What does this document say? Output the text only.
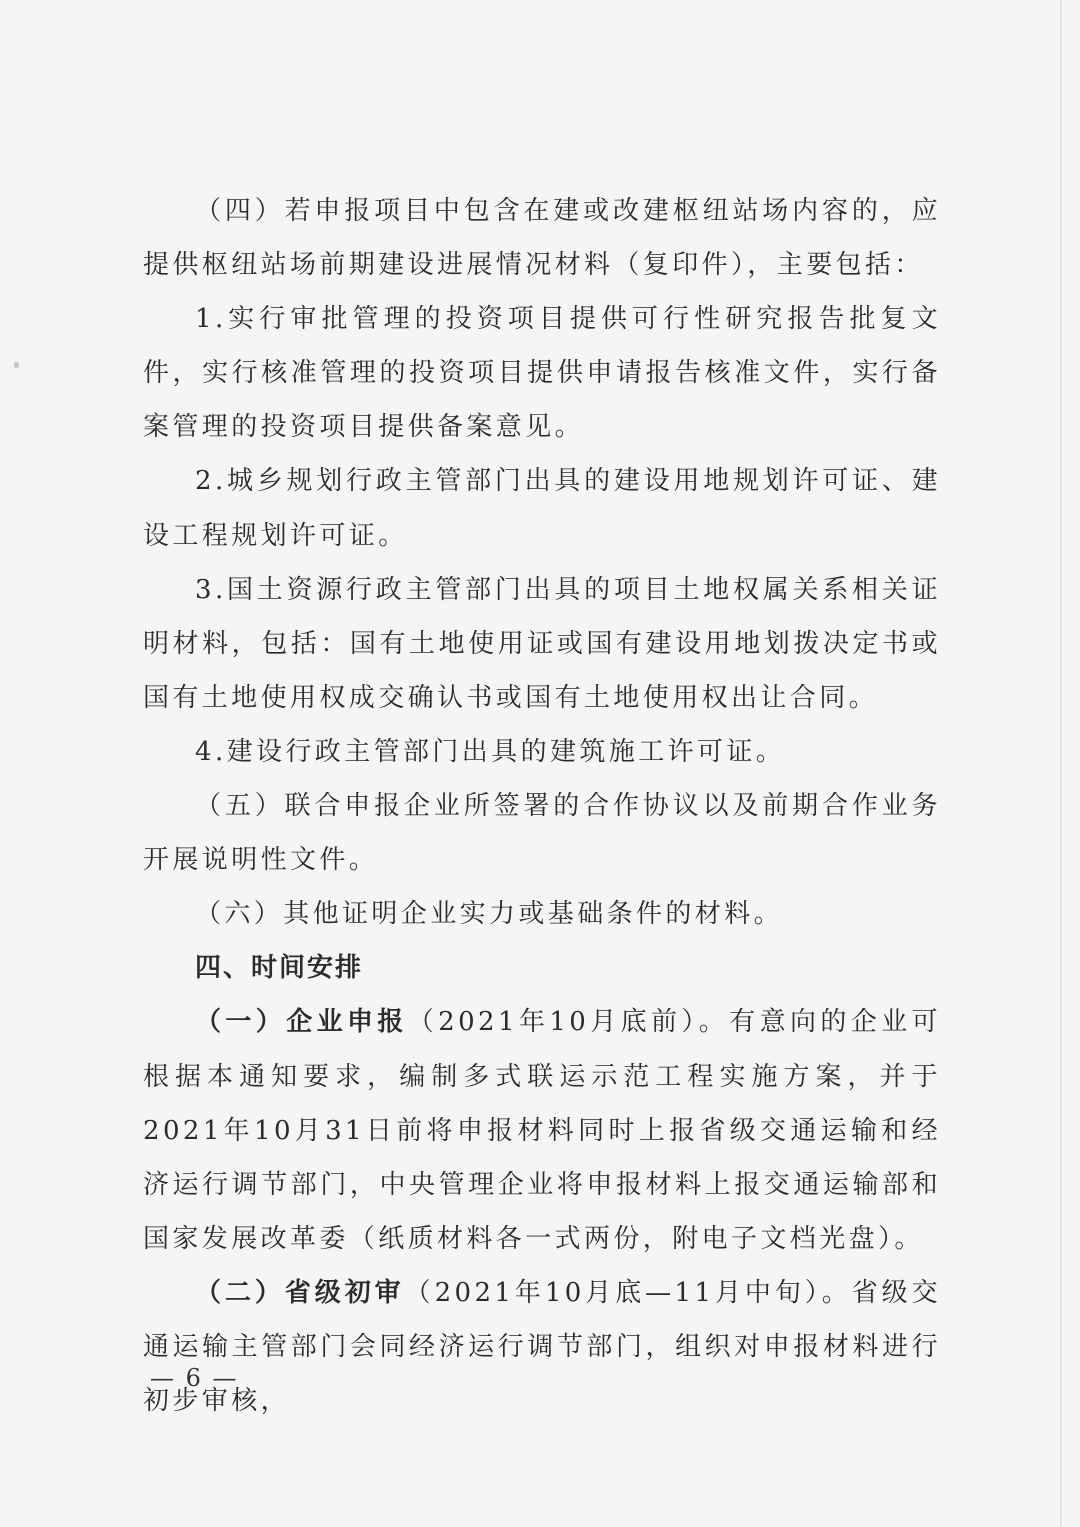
（四）若申报项目中包含在建或改建枢纽站场内容的，应提供枢纽站场前期建设进展情况材料（复印件），主要包括：

1.实行审批管理的投资项目提供可行性研究报告批复文件，实行核准管理的投资项目提供申请报告核准文件，实行备案管理的投资项目提供备案意见。

2.城乡规划行政主管部门出具的建设用地规划许可证、建设工程规划许可证。

3.国土资源行政主管部门出具的项目土地权属关系相关证明材料，包括：国有土地使用证或国有建设用地划拨决定书或国有土地使用权成交确认书或国有土地使用权出让合同。

4.建设行政主管部门出具的建筑施工许可证。

（五）联合申报企业所签署的合作协议以及前期合作业务开展说明性文件。

（六）其他证明企业实力或基础条件的材料。

四、时间安排

（一）企业申报（2021年10月底前）。有意向的企业可根据本通知要求，编制多式联运示范工程实施方案，并于2021年10月31日前将申报材料同时上报省级交通运输和经济运行调节部门，中央管理企业将申报材料上报交通运输部和国家发展改革委（纸质材料各一式两份，附电子文档光盘）。

（二）省级初审（2021年10月底—11月中旬）。省级交通运输主管部门会同经济运行调节部门，组织对申报材料进行初步审核，

— 6 —
